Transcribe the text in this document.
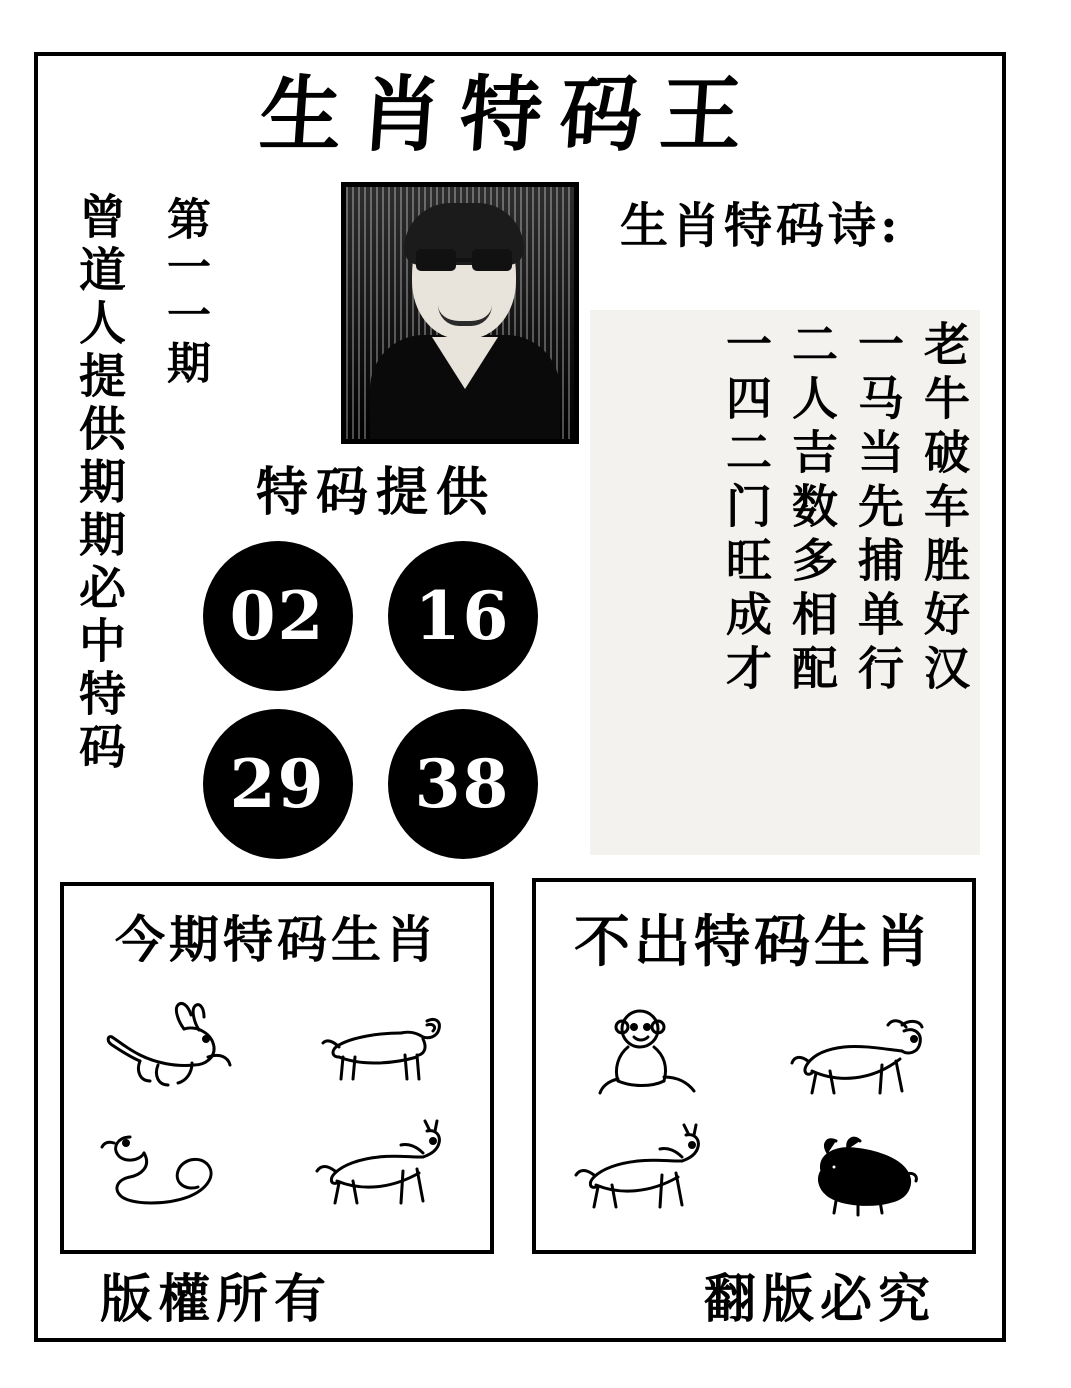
生肖特码王
曾道人提供期期必中特码 第一一期
特码提供
02	16
29	38
生肖特码诗:
老牛破车胜好汉
一马当先捕单行
二人吉数多相配
一四二门旺成才
今期特码生肖	不出特码生肖
版權所有	翻版必究
